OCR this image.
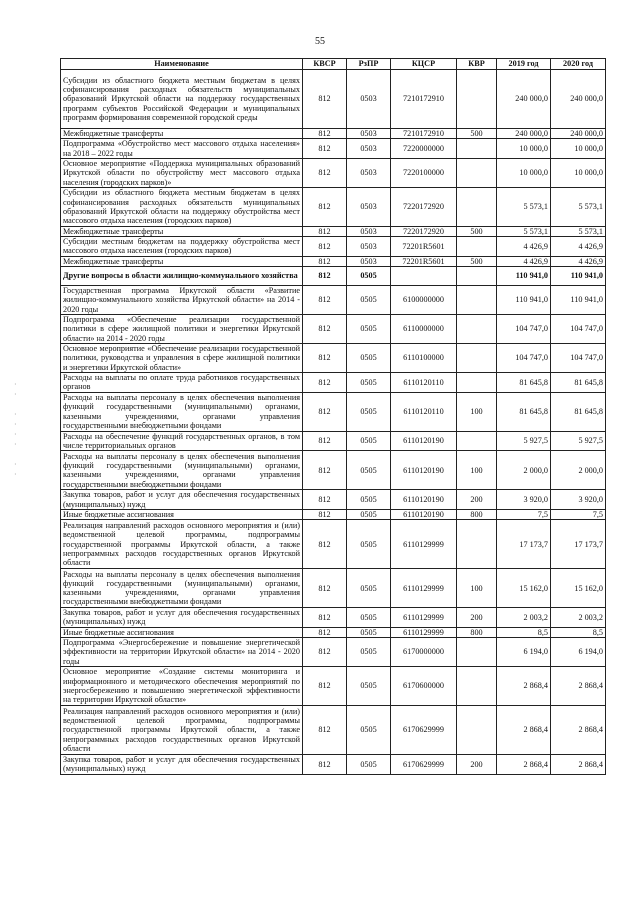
55
·
·

·
·
·
·

·
·
Наименование	КВСР	РзПР	КЦСР	КВР	2019 год	2020 год
Субсидии из областного бюджета местным бюджетам в целях софинансирования расходных обязательств муниципальных образований Иркутской области на поддержку государственных программ субъектов Российской Федерации и муниципальных программ формирования современной городской среды	812	0503	7210172910		240 000,0	240 000,0
Межбюджетные трансферты	812	0503	7210172910	500	240 000,0	240 000,0
Подпрограмма «Обустройство мест массового отдыха населения» на 2018 – 2022 годы	812	0503	7220000000		10 000,0	10 000,0
Основное мероприятие «Поддержка муниципальных образований Иркутской области по обустройству мест массового отдыха населения (городских парков)»	812	0503	7220100000		10 000,0	10 000,0
Субсидии из областного бюджета местным бюджетам в целях софинансирования расходных обязательств муниципальных образований Иркутской области на поддержку обустройства мест массового отдыха населения (городских парков)	812	0503	7220172920		5 573,1	5 573,1
Межбюджетные трансферты	812	0503	7220172920	500	5 573,1	5 573,1
Субсидии местным бюджетам на поддержку обустройства мест массового отдыха населения (городских парков)	812	0503	72201R5601		4 426,9	4 426,9
Межбюджетные трансферты	812	0503	72201R5601	500	4 426,9	4 426,9
Другие вопросы в области жилищно-коммунального хозяйства	812	0505			110 941,0	110 941,0
Государственная программа Иркутской области «Развитие жилищно-коммунального хозяйства Иркутской области» на 2014 - 2020 годы	812	0505	6100000000		110 941,0	110 941,0
Подпрограмма «Обеспечение реализации государственной политики в сфере жилищной политики и энергетики Иркутской области» на 2014 - 2020 годы	812	0505	6110000000		104 747,0	104 747,0
Основное мероприятие «Обеспечение реализации государственной политики, руководства и управления в сфере жилищной политики и энергетики Иркутской области»	812	0505	6110100000		104 747,0	104 747,0
Расходы на выплаты по оплате труда работников государственных органов	812	0505	6110120110		81 645,8	81 645,8
Расходы на выплаты персоналу в целях обеспечения выполнения функций государственными (муниципальными) органами, казенными учреждениями, органами управления государственными внебюджетными фондами	812	0505	6110120110	100	81 645,8	81 645,8
Расходы на обеспечение функций государственных органов, в том числе территориальных органов	812	0505	6110120190		5 927,5	5 927,5
Расходы на выплаты персоналу в целях обеспечения выполнения функций государственными (муниципальными) органами, казенными учреждениями, органами управления государственными внебюджетными фондами	812	0505	6110120190	100	2 000,0	2 000,0
Закупка товаров, работ и услуг для обеспечения государственных (муниципальных) нужд	812	0505	6110120190	200	3 920,0	3 920,0
Иные бюджетные ассигнования	812	0505	6110120190	800	7,5	7,5
Реализация направлений расходов основного мероприятия и (или) ведомственной целевой программы, подпрограммы государственной программы Иркутской области, а также непрограммных расходов государственных органов Иркутской области	812	0505	6110129999		17 173,7	17 173,7
Расходы на выплаты персоналу в целях обеспечения выполнения функций государственными (муниципальными) органами, казенными учреждениями, органами управления государственными внебюджетными фондами	812	0505	6110129999	100	15 162,0	15 162,0
Закупка товаров, работ и услуг для обеспечения государственных (муниципальных) нужд	812	0505	6110129999	200	2 003,2	2 003,2
Иные бюджетные ассигнования	812	0505	6110129999	800	8,5	8,5
Подпрограмма «Энергосбережение и повышение энергетической эффективности на территории Иркутской области» на 2014 - 2020 годы	812	0505	6170000000		6 194,0	6 194,0
Основное мероприятие «Создание системы мониторинга и информационного и методического обеспечения мероприятий по энергосбережению и повышению энергетической эффективности на территории Иркутской области»	812	0505	6170600000		2 868,4	2 868,4
Реализация направлений расходов основного мероприятия и (или) ведомственной целевой программы, подпрограммы государственной программы Иркутской области, а также непрограммных расходов государственных органов Иркутской области	812	0505	6170629999		2 868,4	2 868,4
Закупка товаров, работ и услуг для обеспечения государственных (муниципальных) нужд	812	0505	6170629999	200	2 868,4	2 868,4
